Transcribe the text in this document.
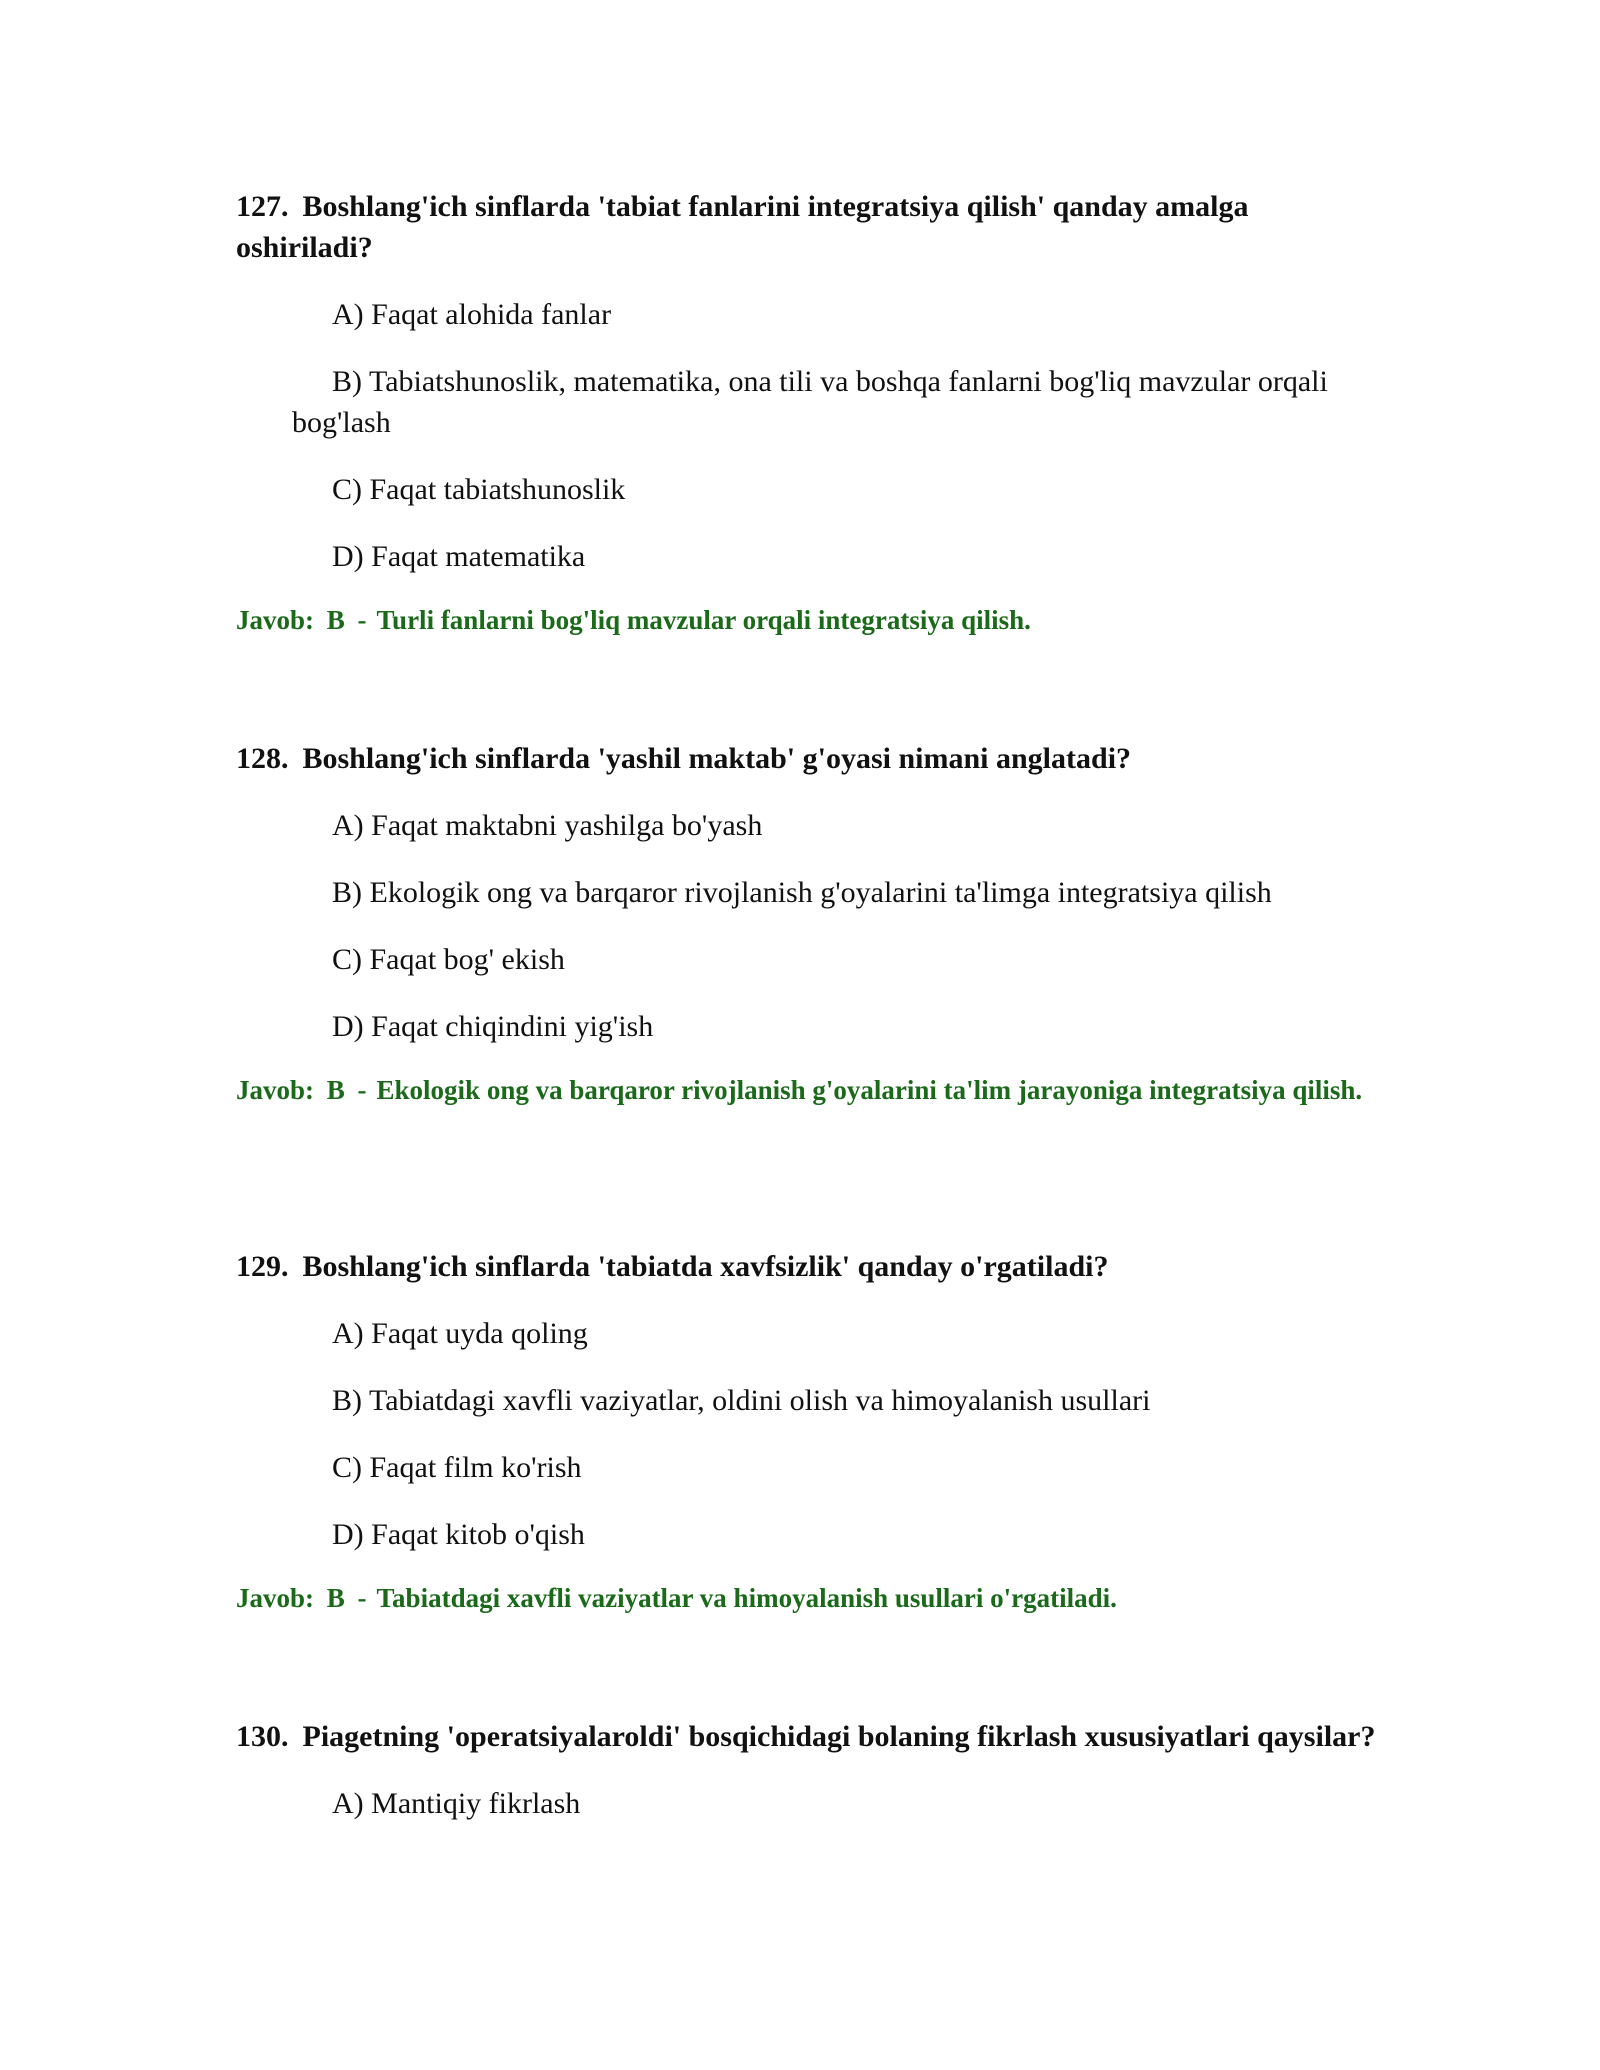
127. Boshlang'ich sinflarda 'tabiat fanlarini integratsiya qilish' qanday amalga oshiriladi?

A) Faqat alohida fanlar

B) Tabiatshunoslik, matematika, ona tili va boshqa fanlarni bog'liq mavzular orqali bog'lash

C) Faqat tabiatshunoslik

D) Faqat matematika

Javob: B - Turli fanlarni bog'liq mavzular orqali integratsiya qilish.

128. Boshlang'ich sinflarda 'yashil maktab' g'oyasi nimani anglatadi?

A) Faqat maktabni yashilga bo'yash

B) Ekologik ong va barqaror rivojlanish g'oyalarini ta'limga integratsiya qilish

C) Faqat bog' ekish

D) Faqat chiqindini yig'ish

Javob: B - Ekologik ong va barqaror rivojlanish g'oyalarini ta'lim jarayoniga integratsiya qilish.

129. Boshlang'ich sinflarda 'tabiatda xavfsizlik' qanday o'rgatiladi?

A) Faqat uyda qoling

B) Tabiatdagi xavfli vaziyatlar, oldini olish va himoyalanish usullari

C) Faqat film ko'rish

D) Faqat kitob o'qish

Javob: B - Tabiatdagi xavfli vaziyatlar va himoyalanish usullari o'rgatiladi.

130. Piagetning 'operatsiyalaroldi' bosqichidagi bolaning fikrlash xususiyatlari qaysilar?

A) Mantiqiy fikrlash
